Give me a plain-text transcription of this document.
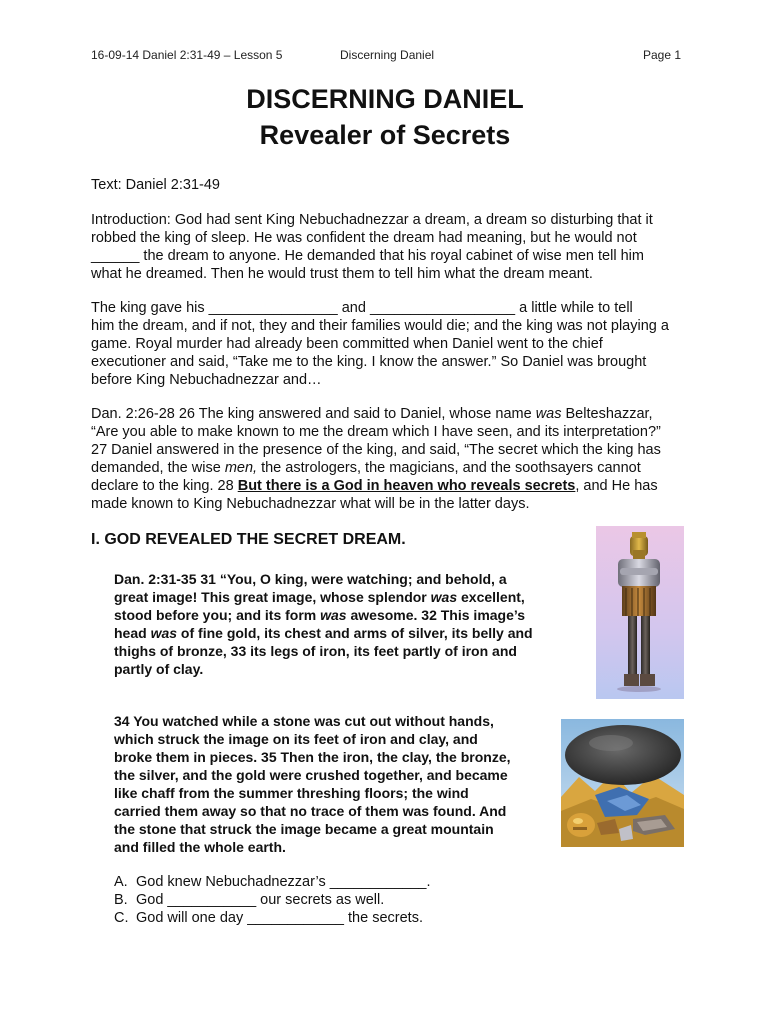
16-09-14 Daniel 2:31-49 – Lesson 5	Discerning Daniel	Page 1
DISCERNING DANIEL
Revealer of Secrets

Text: Daniel 2:31-49

Introduction: God had sent King Nebuchadnezzar a dream, a dream so disturbing that it

robbed the king of sleep. He was confident the dream had meaning, but he would not

______ the dream to anyone. He demanded that his royal cabinet of wise men tell him

what he dreamed. Then he would trust them to tell him what the dream meant.

The king gave his ________________ and __________________ a little while to tell

him the dream, and if not, they and their families would die; and the king was not playing a

game. Royal murder had already been committed when Daniel went to the chief

executioner and said, “Take me to the king. I know the answer.” So Daniel was brought

before King Nebuchadnezzar and…

Dan. 2:26-28 26 The king answered and said to Daniel, whose name was Belteshazzar,

“Are you able to make known to me the dream which I have seen, and its interpretation?”

27 Daniel answered in the presence of the king, and said, “The secret which the king has

demanded, the wise men, the astrologers, the magicians, and the soothsayers cannot

declare to the king. 28 But there is a God in heaven who reveals secrets, and He has

made known to King Nebuchadnezzar what will be in the latter days.

I. GOD REVEALED THE SECRET DREAM.

Dan. 2:31-35 31 “You, O king, were watching; and behold, a

great image! This great image, whose splendor was excellent,

stood before you; and its form was awesome. 32 This image’s

head was of fine gold, its chest and arms of silver, its belly and

thighs of bronze, 33 its legs of iron, its feet partly of iron and

partly of clay.

34 You watched while a stone was cut out without hands,

which struck the image on its feet of iron and clay, and

broke them in pieces. 35 Then the iron, the clay, the bronze,

the silver, and the gold were crushed together, and became

like chaff from the summer threshing floors; the wind

carried them away so that no trace of them was found. And

the stone that struck the image became a great mountain

and filled the whole earth.

A. God knew Nebuchadnezzar’s ____________.
B. God ___________ our secrets as well.
C. God will one day ____________ the secrets.
